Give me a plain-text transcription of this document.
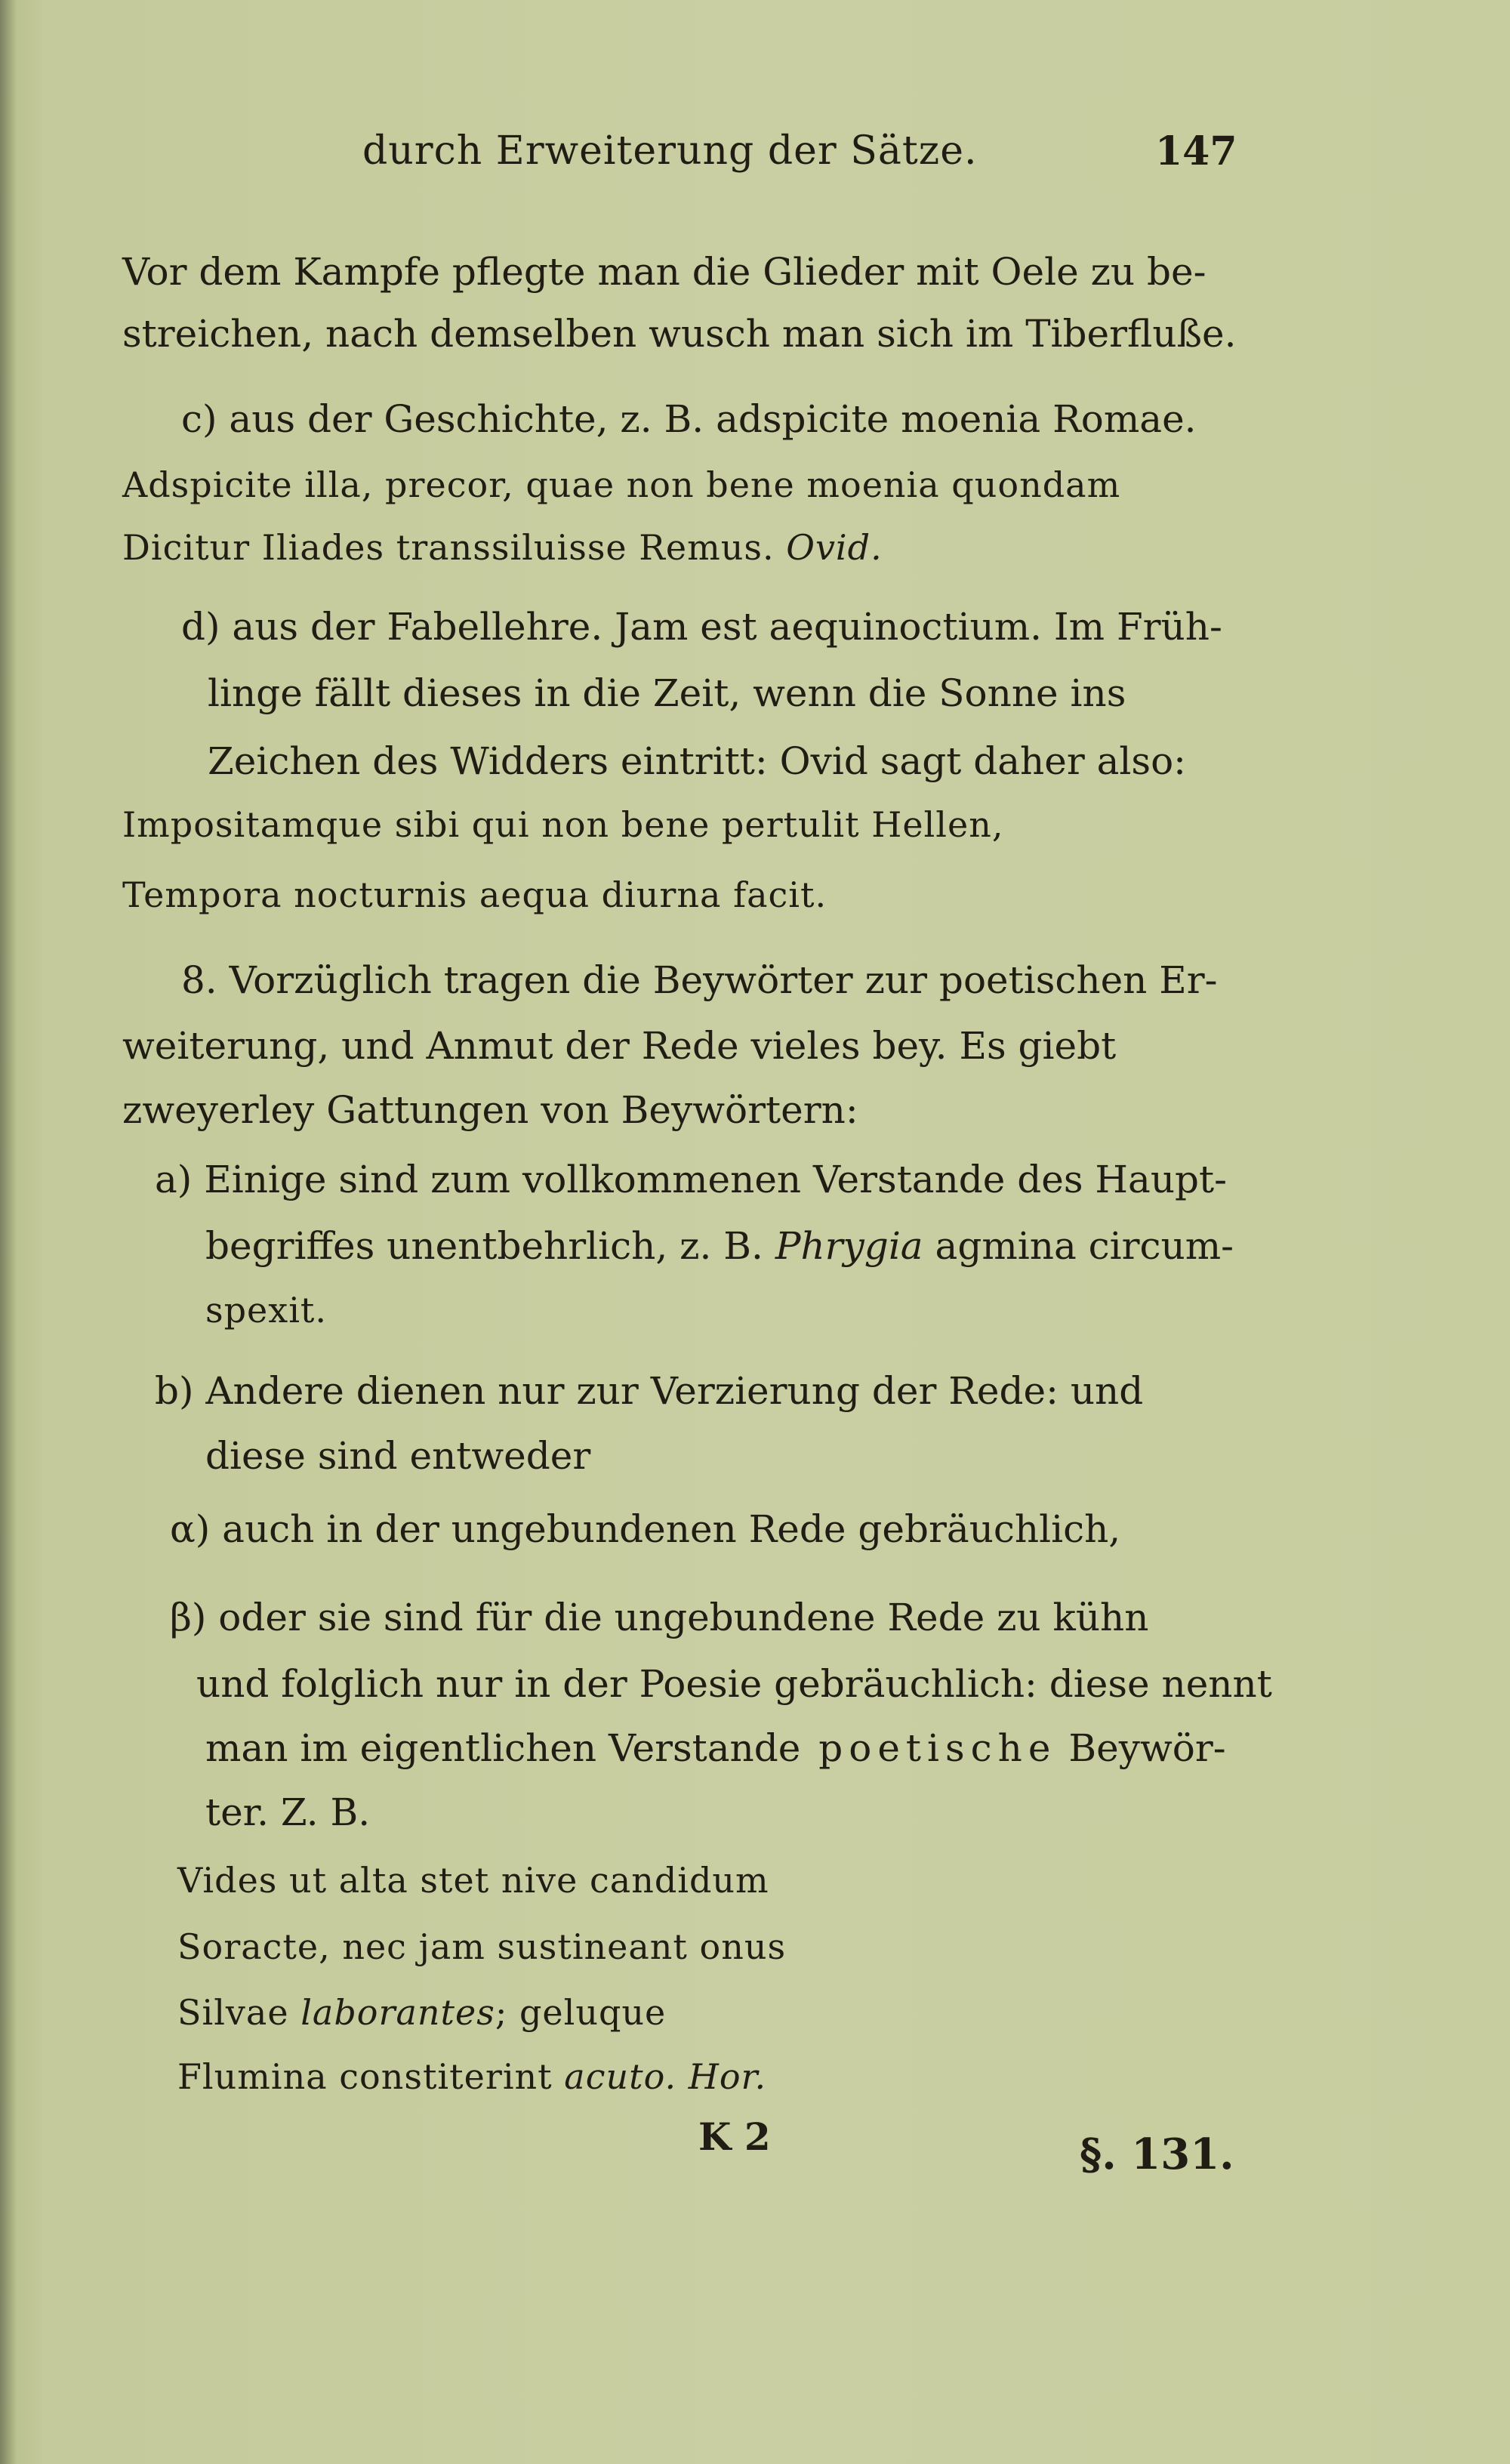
durch Erweiterung der Sätze.	147
Vor dem Kampfe pflegte man die Glieder mit Oele zu be-
streichen, nach demselben wusch man sich im Tiberfluße.
c) aus der Geschichte, z. B. adspicite moenia Romae.
Adspicite illa, precor, quae non bene moenia quondam
Dicitur Iliades transsiluisse Remus. Ovid.
d) aus der Fabellehre. Jam est aequinoctium. Im Früh-
linge fällt dieses in die Zeit, wenn die Sonne ins
Zeichen des Widders eintritt: Ovid sagt daher also:
Impositamque sibi qui non bene pertulit Hellen,
Tempora nocturnis aequa diurna facit.
8. Vorzüglich tragen die Beywörter zur poetischen Er-
weiterung, und Anmut der Rede vieles bey. Es giebt
zweyerley Gattungen von Beywörtern:
a) Einige sind zum vollkommenen Verstande des Haupt-
begriffes unentbehrlich, z. B. Phrygia agmina circum-
spexit.
b) Andere dienen nur zur Verzierung der Rede: und
diese sind entweder
α) auch in der ungebundenen Rede gebräuchlich,
β) oder sie sind für die ungebundene Rede zu kühn
und folglich nur in der Poesie gebräuchlich: diese nennt
man im eigentlichen Verstande poetische Beywör-
ter. Z. B.
Vides ut alta stet nive candidum
Soracte, nec jam sustineant onus
Silvae laborantes; geluque
Flumina constiterint acuto. Hor.
K 2	§. 131.
